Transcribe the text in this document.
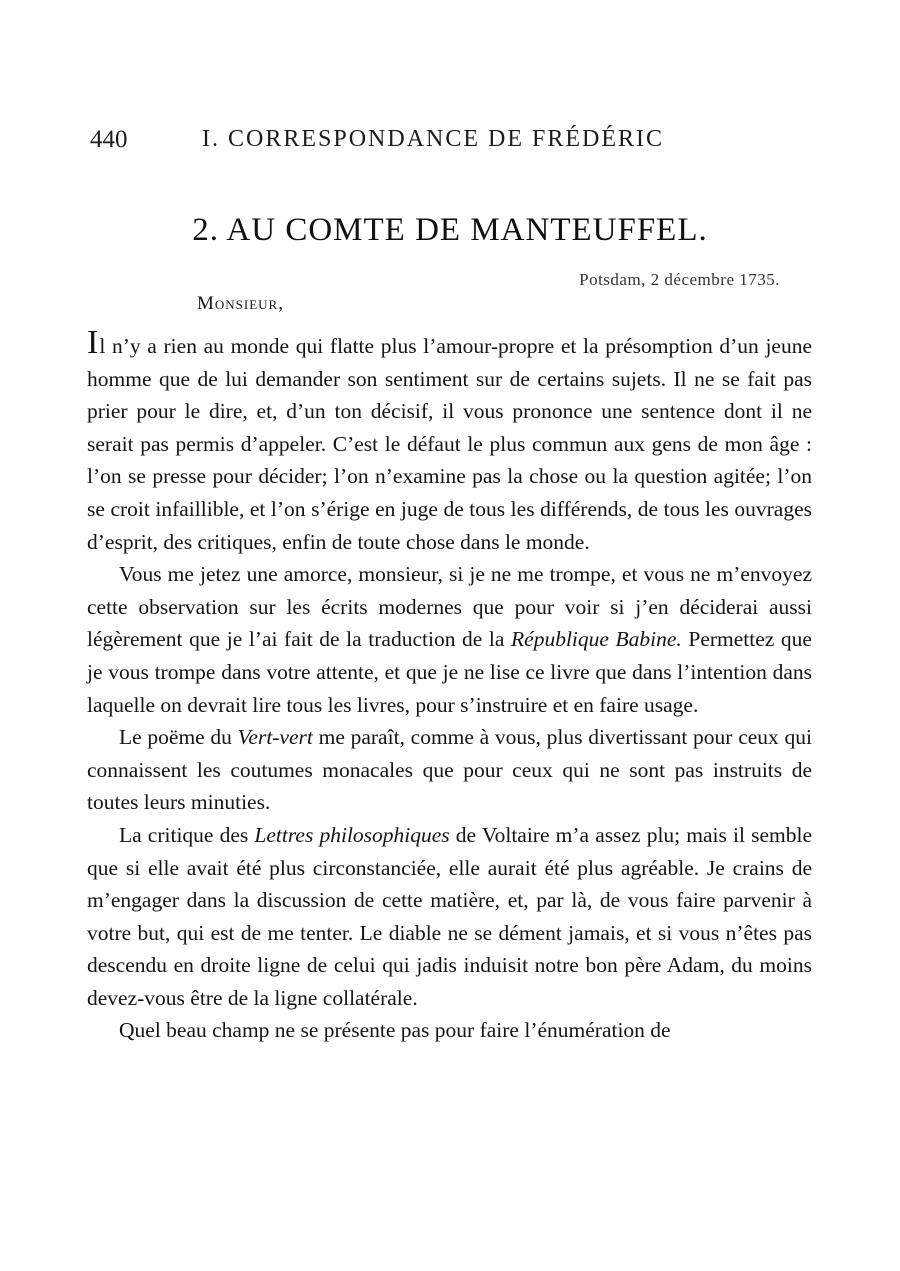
440	I. CORRESPONDANCE DE FRÉDÉRIC
2. AU COMTE DE MANTEUFFEL.
Potsdam, 2 décembre 1735.
Monsieur,

Il n’y a rien au monde qui flatte plus l’amour-propre et la présomption d’un jeune homme que de lui demander son sentiment sur de certains sujets. Il ne se fait pas prier pour le dire, et, d’un ton décisif, il vous prononce une sentence dont il ne serait pas permis d’appeler. C’est le défaut le plus commun aux gens de mon âge : l’on se presse pour décider; l’on n’examine pas la chose ou la question agitée; l’on se croit infaillible, et l’on s’érige en juge de tous les différends, de tous les ouvrages d’esprit, des critiques, enfin de toute chose dans le monde.

Vous me jetez une amorce, monsieur, si je ne me trompe, et vous ne m’envoyez cette observation sur les écrits modernes que pour voir si j’en déciderai aussi légèrement que je l’ai fait de la traduction de la République Babine. Permettez que je vous trompe dans votre attente, et que je ne lise ce livre que dans l’intention dans laquelle on devrait lire tous les livres, pour s’instruire et en faire usage.

Le poëme du Vert-vert me paraît, comme à vous, plus divertissant pour ceux qui connaissent les coutumes monacales que pour ceux qui ne sont pas instruits de toutes leurs minuties.

La critique des Lettres philosophiques de Voltaire m’a assez plu; mais il semble que si elle avait été plus circonstanciée, elle aurait été plus agréable. Je crains de m’engager dans la discussion de cette matière, et, par là, de vous faire parvenir à votre but, qui est de me tenter. Le diable ne se dément jamais, et si vous n’êtes pas descendu en droite ligne de celui qui jadis induisit notre bon père Adam, du moins devez-vous être de la ligne collatérale.

Quel beau champ ne se présente pas pour faire l’énumération de
